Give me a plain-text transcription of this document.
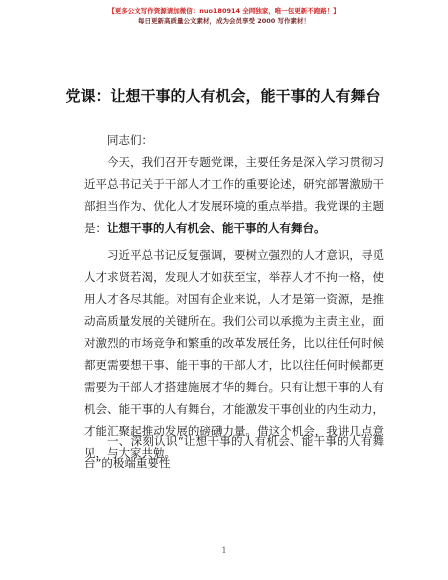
【更多公文写作资源请加微信：nuo180914 全网独家，唯一包更新不跑路！】
每日更新高质量公文素材，成为会员享受 2000 写作素材！
党课：让想干事的人有机会，能干事的人有舞台
同志们：
今天，我们召开专题党课，主要任务是深入学习贯彻习近平总书记关于干部人才工作的重要论述，研究部署激励干部担当作为、优化人才发展环境的重点举措。我党课的主题是：让想干事的人有机会、能干事的人有舞台。
习近平总书记反复强调，要树立强烈的人才意识，寻觅人才求贤若渴，发现人才如获至宝，举荐人才不拘一格，使用人才各尽其能。对国有企业来说，人才是第一资源，是推动高质量发展的关键所在。我们公司以承揽为主责主业，面对激烈的市场竞争和繁重的改革发展任务，比以往任何时候都更需要想干事、能干事的干部人才，比以往任何时候都更需要为干部人才搭建施展才华的舞台。只有让想干事的人有机会、能干事的人有舞台，才能激发干事创业的内生动力，才能汇聚起推动发展的磅礴力量。借这个机会，我讲几点意见，与大家共勉。
一、深刻认识“让想干事的人有机会、能干事的人有舞台”的极端重要性
1
